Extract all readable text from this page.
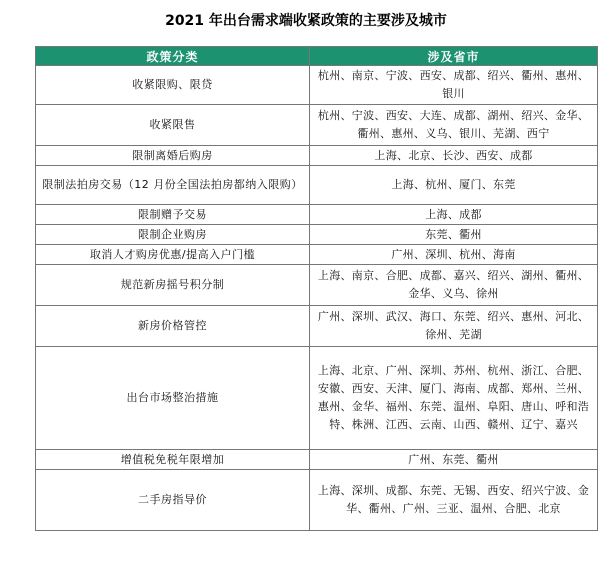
2021 年出台需求端收紧政策的主要涉及城市
政策分类	涉及省市
收紧限购、限贷	杭州、南京、宁波、西安、成都、绍兴、衢州、惠州、银川
收紧限售	杭州、宁波、西安、大连、成都、湖州、绍兴、金华、衢州、惠州、义乌、银川、芜湖、西宁
限制离婚后购房	上海、北京、长沙、西安、成都
限制法拍房交易（12 月份全国法拍房都纳入限购）	上海、杭州、厦门、东莞
限制赠予交易	上海、成都
限制企业购房	东莞、衢州
取消人才购房优惠/提高入户门槛	广州、深圳、杭州、海南
规范新房摇号积分制	上海、南京、合肥、成都、嘉兴、绍兴、湖州、衢州、金华、义乌、徐州
新房价格管控	广州、深圳、武汉、海口、东莞、绍兴、惠州、河北、徐州、芜湖
出台市场整治措施	上海、北京、广州、深圳、苏州、杭州、浙江、合肥、安徽、西安、天津、厦门、海南、成都、郑州、兰州、惠州、金华、福州、东莞、温州、阜阳、唐山、呼和浩特、株洲、江西、云南、山西、赣州、辽宁、嘉兴
增值税免税年限增加	广州、东莞、衢州
二手房指导价	上海、深圳、成都、东莞、无锡、西安、绍兴宁波、金华、衢州、广州、三亚、温州、合肥、北京
